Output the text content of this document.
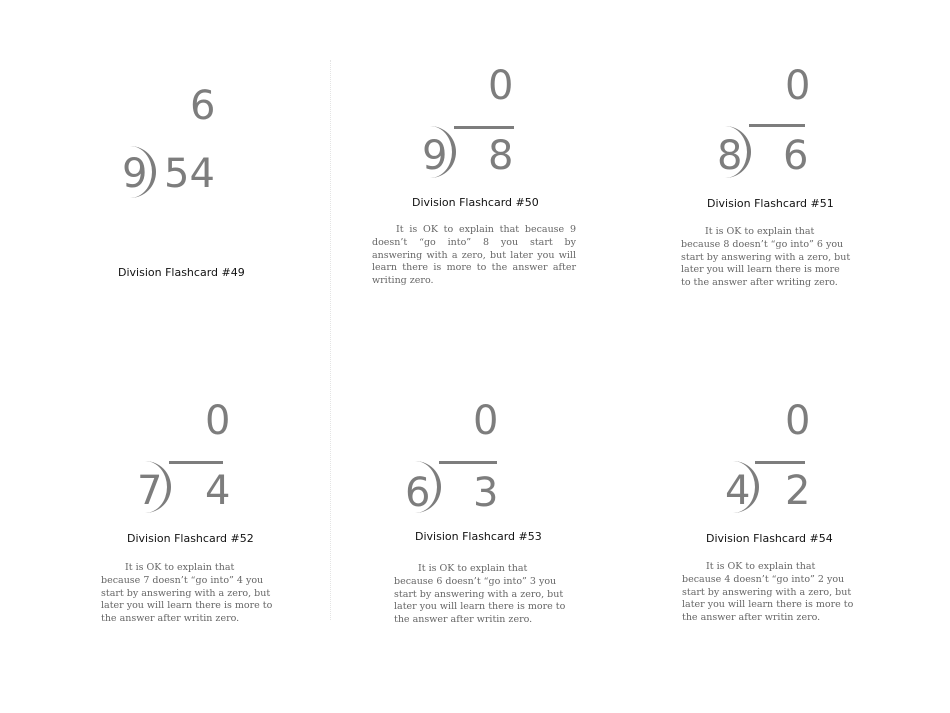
6
9 54
Division Flashcard #49
0
9 8
Division Flashcard #50

It is OK to explain that because 9 doesn’t “go into” 8 you start by answering with a zero, but later you will learn there is more to the answer after writing zero.

0
8 6
Division Flashcard #51

It is OK to explain that because 8 doesn’t “go into” 6 you start by answering with a zero, but later you will learn there is more to the answer after writing zero.

0
7 4
Division Flashcard #52

It is OK to explain that because 7 doesn’t “go into” 4 you start by answering with a zero, but later you will learn there is more to the answer after writin zero.

0
6 3
Division Flashcard #53

It is OK to explain that because 6 doesn’t “go into” 3 you start by answering with a zero, but later you will learn there is more to the answer after writin zero.

0
4 2
Division Flashcard #54

It is OK to explain that because 4 doesn’t “go into” 2 you start by answering with a zero, but later you will learn there is more to the answer after writin zero.
